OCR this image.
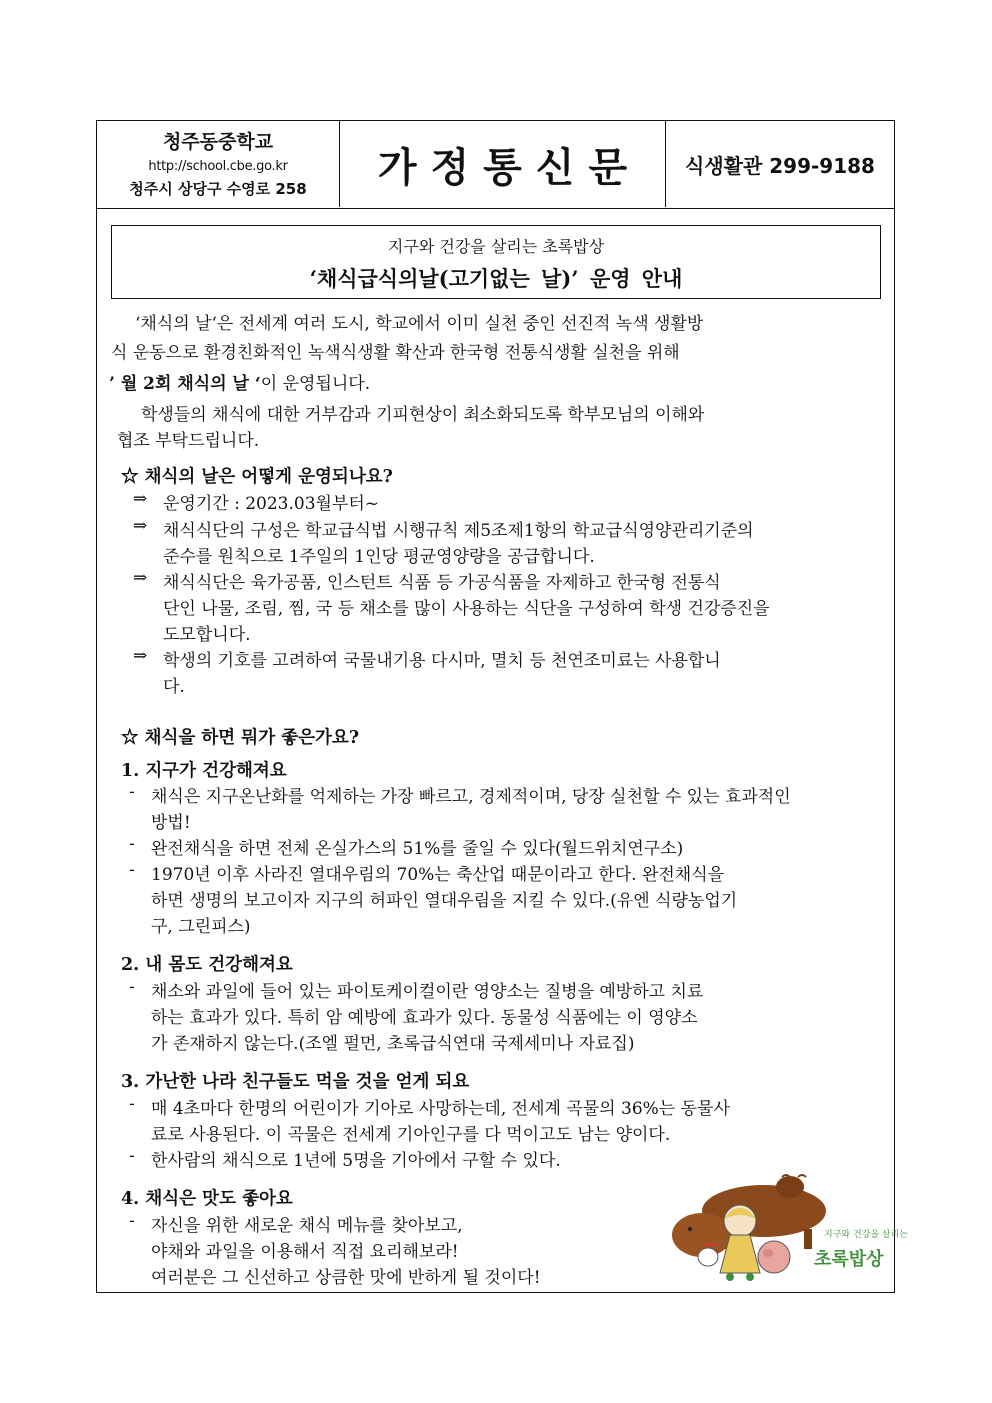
청주동중학교
http://school.cbe.go.kr
청주시 상당구 수영로 258	가정통신문 식생활관 299-9188
지구와 건강을 살리는 초록밥상
‘채식급식의날(고기없는 날)’ 운영 안내
‘채식의 날‘은 전세계 여러 도시, 학교에서 이미 실천 중인 선진적 녹색 생활방
식 운동으로 환경친화적인 녹색식생활 확산과 한국형 전통식생활 실천을 위해
’ 월 2회 채식의 날 ‘이 운영됩니다.
학생들의 채식에 대한 거부감과 기피현상이 최소화되도록 학부모님의 이해와
협조 부탁드립니다.
☆ 채식의 날은 어떻게 운영되나요?
⇒ 운영기간 : 2023.03월부터~
⇒ 채식식단의 구성은 학교급식법 시행규칙 제5조제1항의 학교급식영양관리기준의
준수를 원칙으로 1주일의 1인당 평균영양량을 공급합니다.
⇒ 채식식단은 육가공품, 인스턴트 식품 등 가공식품을 자제하고 한국형 전통식
단인 나물, 조림, 찜, 국 등 채소를 많이 사용하는 식단을 구성하여 학생 건강증진을
도모합니다.
⇒ 학생의 기호를 고려하여 국물내기용 다시마, 멸치 등 천연조미료는 사용합니
다.
☆ 채식을 하면 뭐가 좋은가요?
1. 지구가 건강해져요
- 채식은 지구온난화를 억제하는 가장 빠르고, 경제적이며, 당장 실천할 수 있는 효과적인
방법!
- 완전채식을 하면 전체 온실가스의 51%를 줄일 수 있다(월드위치연구소)
- 1970년 이후 사라진 열대우림의 70%는 축산업 때문이라고 한다. 완전채식을
하면 생명의 보고이자 지구의 허파인 열대우림을 지킬 수 있다.(유엔 식량농업기
구, 그린피스)
2. 내 몸도 건강해져요
- 채소와 과일에 들어 있는 파이토케이컬이란 영양소는 질병을 예방하고 치료
하는 효과가 있다. 특히 암 예방에 효과가 있다. 동물성 식품에는 이 영양소
가 존재하지 않는다.(조엘 펄먼, 초록급식연대 국제세미나 자료집)
3. 가난한 나라 친구들도 먹을 것을 얻게 되요
- 매 4초마다 한명의 어린이가 기아로 사망하는데, 전세계 곡물의 36%는 동물사
료로 사용된다. 이 곡물은 전세계 기아인구를 다 먹이고도 남는 양이다.
- 한사람의 채식으로 1년에 5명을 기아에서 구할 수 있다.
4. 채식은 맛도 좋아요
- 자신을 위한 새로운 채식 메뉴를 찾아보고,
야채와 과일을 이용해서 직접 요리해보라!
여러분은 그 신선하고 상큼한 맛에 반하게 될 것이다!
지구와 건강을 살리는
초록밥상
